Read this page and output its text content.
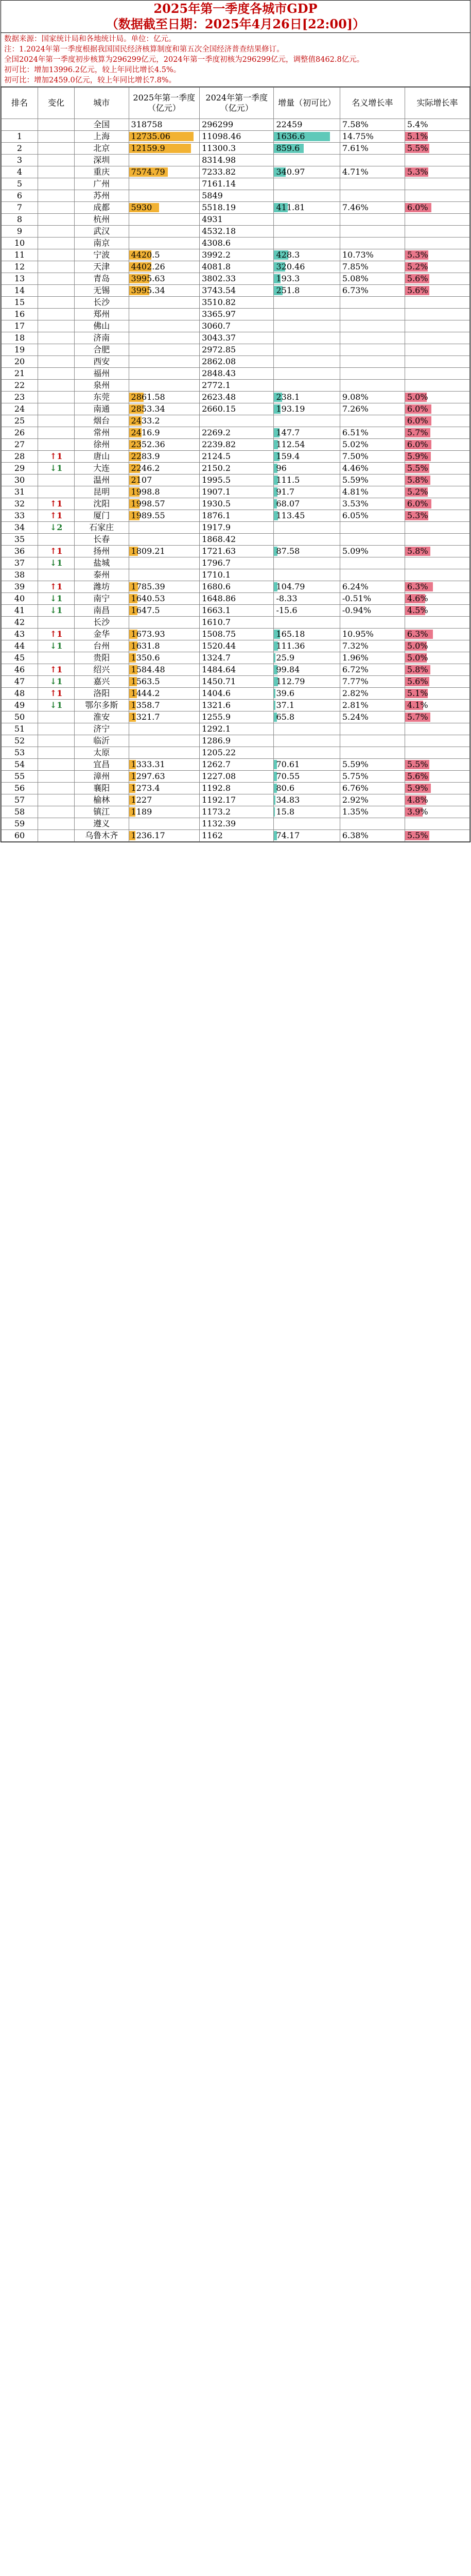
2025年第一季度各城市GDP
（数据截至日期：2025年4月26日[22:00]）
数据来源：国家统计局和各地统计局。单位：亿元。
注：1.2024年第一季度根据我国国民经济核算制度和第五次全国经济普查结果修订。
全国2024年第一季度初步核算为296299亿元，2024年第一季度初核为296299亿元，调整值8462.8亿元。
初可比：增加13996.2亿元，较上年同比增长4.5%。
初可比：增加2459.0亿元，较上年同比增长7.8%。
排名	变化	城市	2025年第一季度（亿元）	2024年第一季度（亿元）	增量（初可比）	名义增长率	实际增长率
		全国	318758	296299	22459	7.58%	5.4%
1		上海	12735.06	11098.46	1636.6	14.75%	5.1%
2		北京	12159.9	11300.3	859.6	7.61%	5.5%
3		深圳		8314.98			
4		重庆	7574.79	7233.82	340.97	4.71%	5.3%
5		广州		7161.14			
6		苏州		5849			
7		成都	5930	5518.19	411.81	7.46%	6.0%
8		杭州		4931			
9		武汉		4532.18			
10		南京		4308.6			
11		宁波	4420.5	3992.2	428.3	10.73%	5.3%
12		天津	4402.26	4081.8	320.46	7.85%	5.2%
13		青岛	3995.63	3802.33	193.3	5.08%	5.6%
14		无锡	3995.34	3743.54	251.8	6.73%	5.6%
15		长沙		3510.82			
16		郑州		3365.97			
17		佛山		3060.7			
18		济南		3043.37			
19		合肥		2972.85			
20		西安		2862.08			
21		福州		2848.43			
22		泉州		2772.1			
23		东莞	2861.58	2623.48	238.1	9.08%	5.0%
24		南通	2853.34	2660.15	193.19	7.26%	6.0%
25		烟台	2433.2				6.0%
26		常州	2416.9	2269.2	147.7	6.51%	5.7%
27		徐州	2352.36	2239.82	112.54	5.02%	6.0%
28	↑1	唐山	2283.9	2124.5	159.4	7.50%	5.9%
29	↓1	大连	2246.2	2150.2	96	4.46%	5.5%
30		温州	2107	1995.5	111.5	5.59%	5.8%
31		昆明	1998.8	1907.1	91.7	4.81%	5.2%
32	↑1	沈阳	1998.57	1930.5	68.07	3.53%	6.0%
33	↑1	厦门	1989.55	1876.1	113.45	6.05%	5.3%
34	↓2	石家庄		1917.9			
35		长春		1868.42			
36	↑1	扬州	1809.21	1721.63	87.58	5.09%	5.8%
37	↓1	盐城		1796.7			
38		泰州		1710.1			
39	↑1	潍坊	1785.39	1680.6	104.79	6.24%	6.3%
40	↓1	南宁	1640.53	1648.86	-8.33	-0.51%	4.6%
41	↓1	南昌	1647.5	1663.1	-15.6	-0.94%	4.5%
42		长沙		1610.7			
43	↑1	金华	1673.93	1508.75	165.18	10.95%	6.3%
44	↓1	台州	1631.8	1520.44	111.36	7.32%	5.0%
45		贵阳	1350.6	1324.7	25.9	1.96%	5.0%
46	↑1	绍兴	1584.48	1484.64	99.84	6.72%	5.8%
47	↓1	嘉兴	1563.5	1450.71	112.79	7.77%	5.6%
48	↑1	洛阳	1444.2	1404.6	39.6	2.82%	5.1%
49	↓1	鄂尔多斯	1358.7	1321.6	37.1	2.81%	4.1%
50		淮安	1321.7	1255.9	65.8	5.24%	5.7%
51		济宁		1292.1			
52		临沂		1286.9			
53		太原		1205.22			
54		宜昌	1333.31	1262.7	70.61	5.59%	5.5%
55		漳州	1297.63	1227.08	70.55	5.75%	5.6%
56		襄阳	1273.4	1192.8	80.6	6.76%	5.9%
57		榆林	1227	1192.17	34.83	2.92%	4.8%
58		镇江	1189	1173.2	15.8	1.35%	3.9%
59		遵义		1132.39			
60		乌鲁木齐	1236.17	1162	74.17	6.38%	5.5%
